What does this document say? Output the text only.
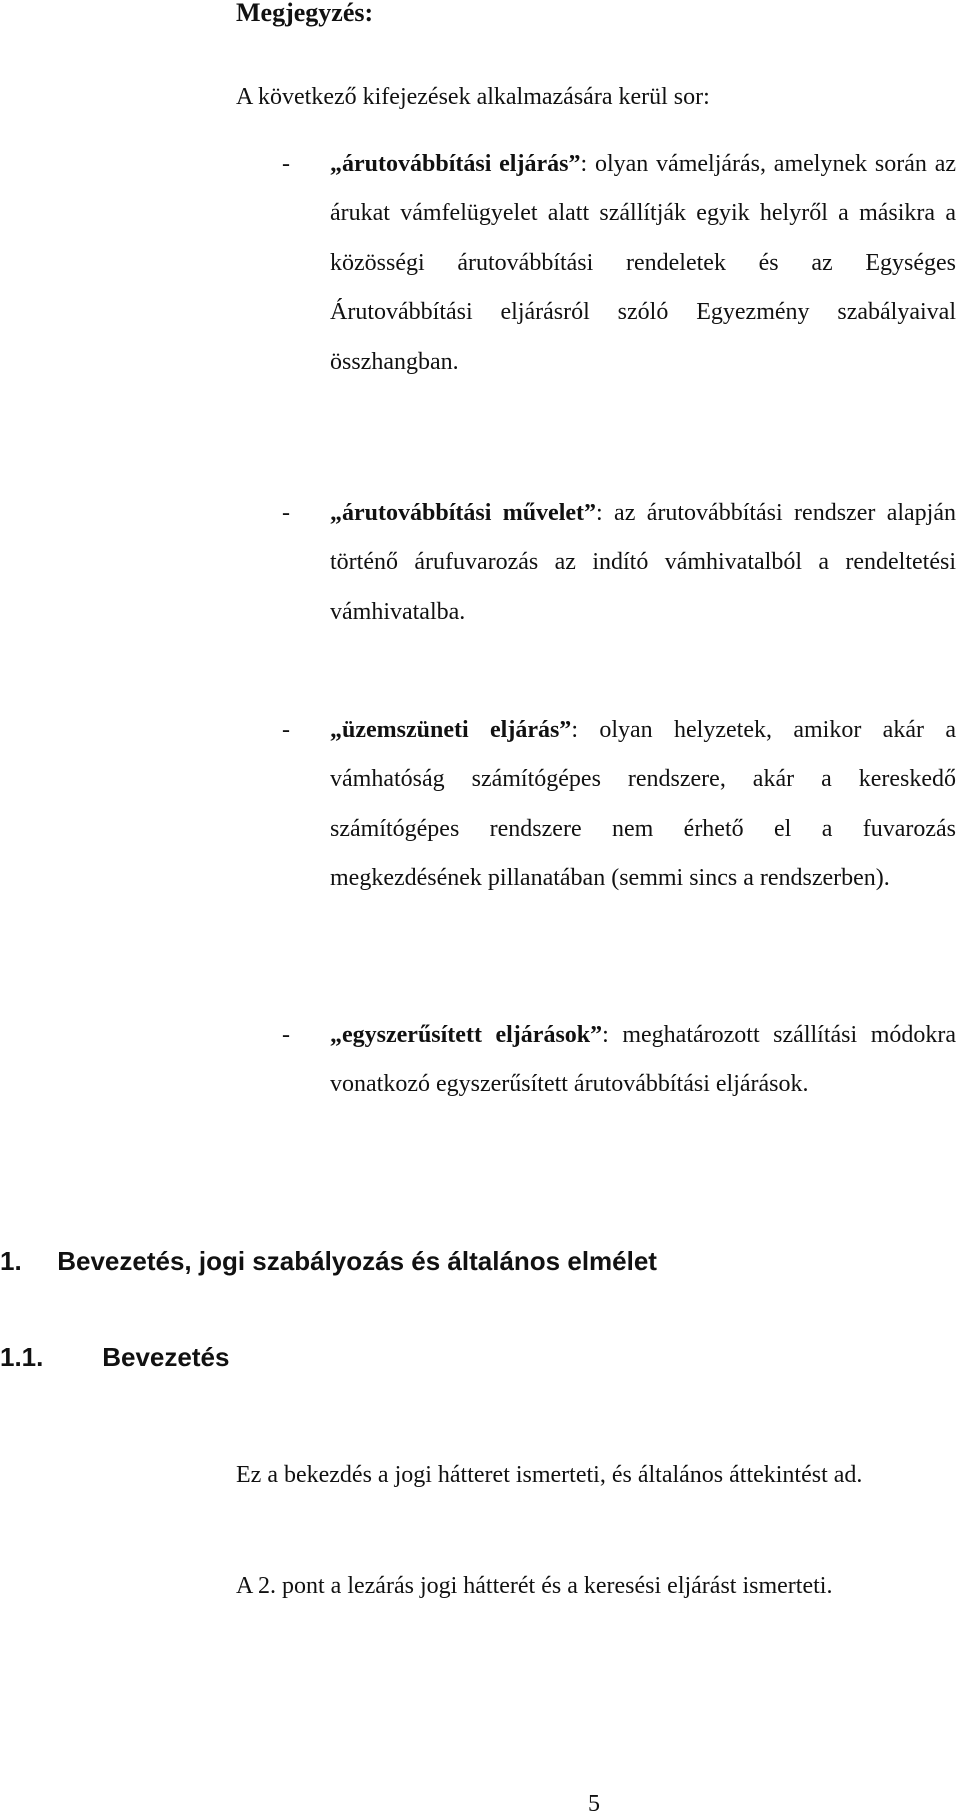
Megjegyzés:

A következő kifejezések alkalmazására kerül sor:

- „árutovábbítási eljárás”: olyan vámeljárás, amelynek során az árukat vámfelügyelet alatt szállítják egyik helyről a másikra a közösségi árutovábbítási rendeletek és az Egységes Árutovábbítási eljárásról szóló Egyezmény szabályaival összhangban.

- „árutovábbítási művelet”: az árutovábbítási rendszer alapján történő árufuvarozás az indító vámhivatalból a rendeltetési vámhivatalba.

- „üzemszüneti eljárás”: olyan helyzetek, amikor akár a vámhatóság számítógépes rendszere, akár a kereskedő számítógépes rendszere nem érhető el a fuvarozás megkezdésének pillanatában (semmi sincs a rendszerben).

- „egyszerűsített eljárások”: meghatározott szállítási módokra vonatkozó egyszerűsített árutovábbítási eljárások.

1. Bevezetés, jogi szabályozás és általános elmélet
1.1. Bevezetés

Ez a bekezdés a jogi hátteret ismerteti, és általános áttekintést ad.

A 2. pont a lezárás jogi hátterét és a keresési eljárást ismerteti.

5
